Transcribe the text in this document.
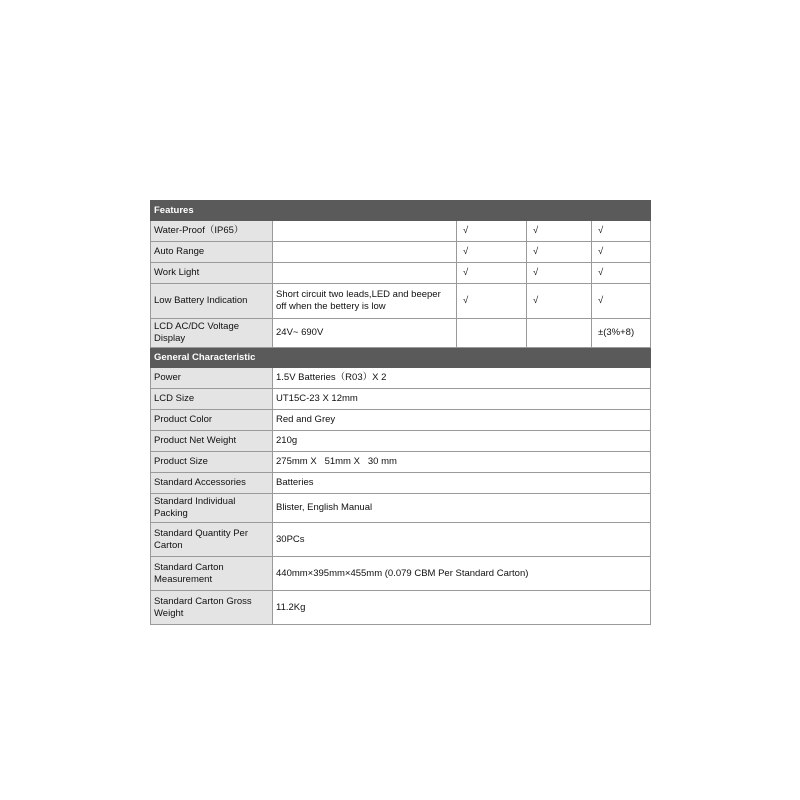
Features				
Water-Proof（IP65）		√	√	√
Auto Range		√	√	√
Work Light		√	√	√
Low Battery Indication	Short circuit two leads,LED and beeper off when the bettery is low	√	√	√
LCD AC/DC Voltage Display	24V~ 690V			±(3%+8)
General Characteristic				
Power	1.5V Batteries（R03）X 2			
LCD Size	UT15C-23 X 12mm			
Product Color	Red and Grey			
Product Net Weight	210g			
Product Size	275mm X   51mm X   30 mm			
Standard Accessories	Batteries			
Standard Individual Packing	Blister, English Manual			
Standard Quantity Per Carton	30PCs			
Standard Carton Measurement	440mm×395mm×455mm (0.079 CBM Per Standard Carton)			
Standard Carton Gross Weight	11.2Kg			
